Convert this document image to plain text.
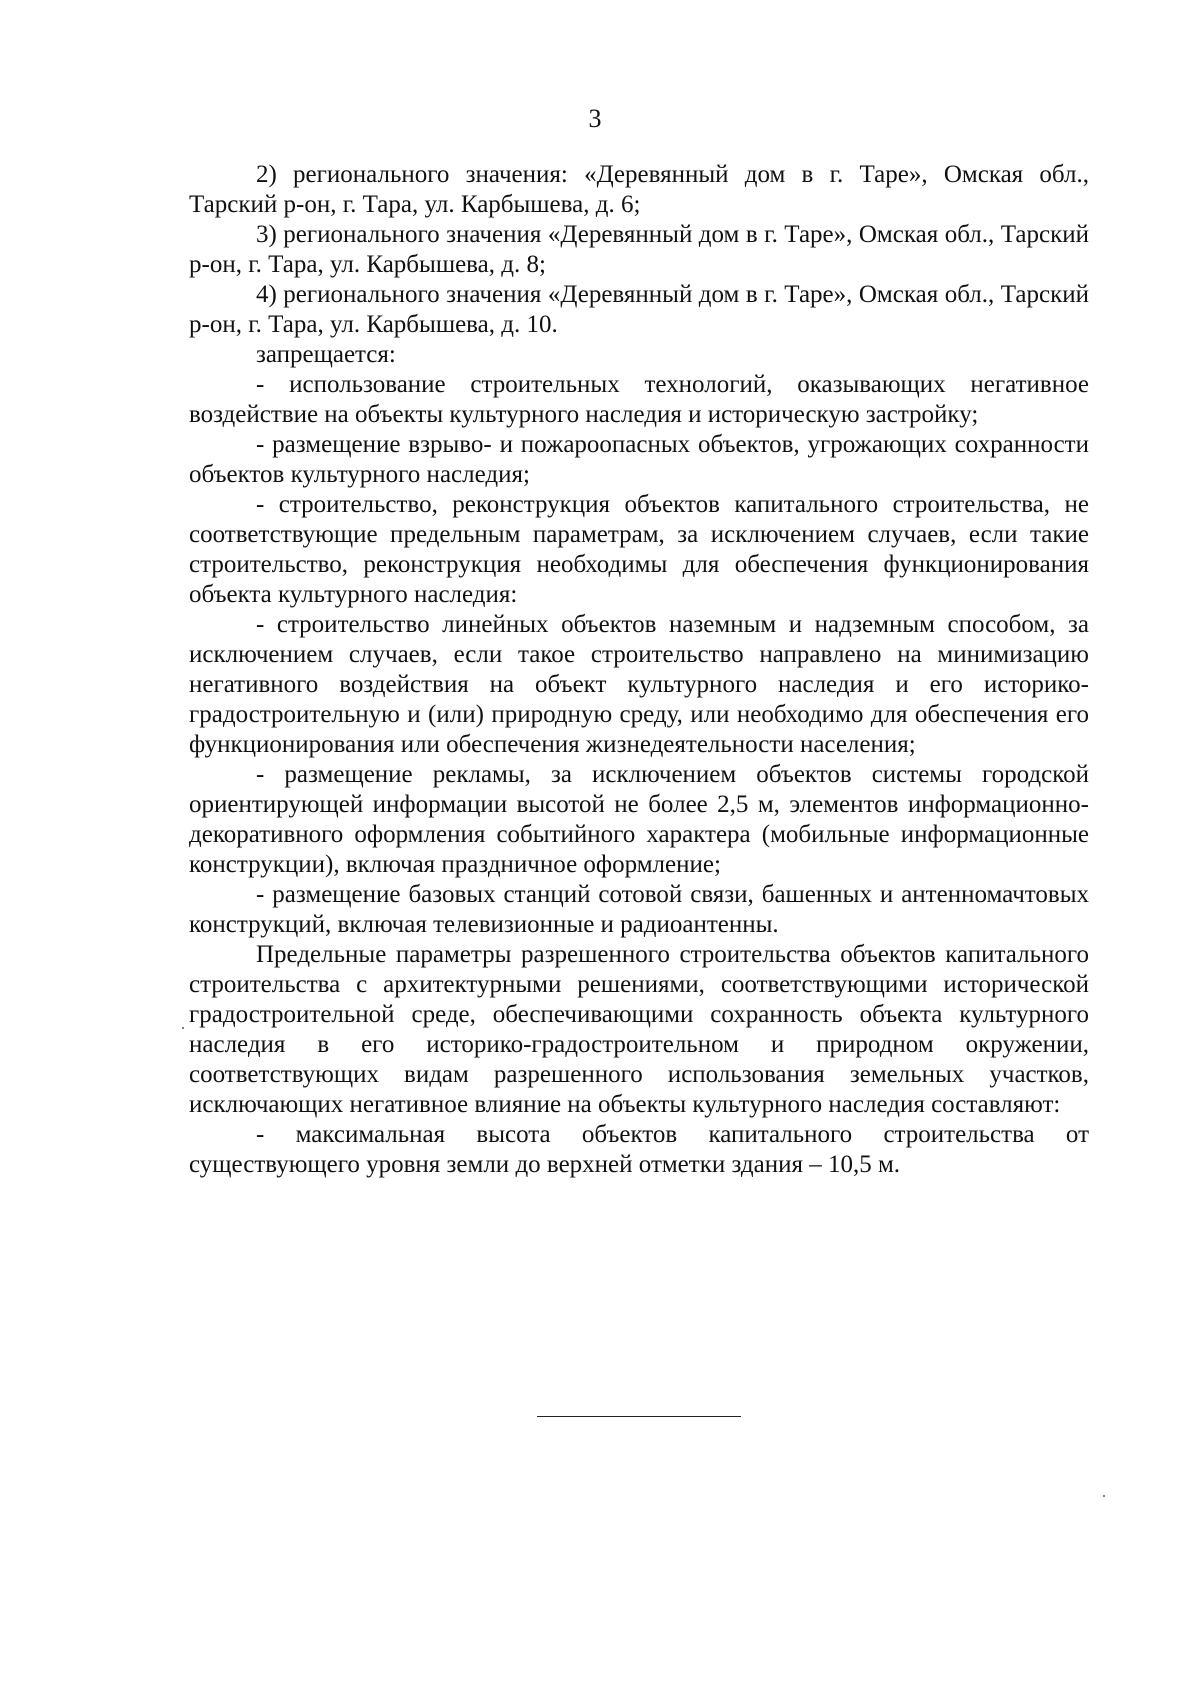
3

2) регионального значения: «Деревянный дом в г. Таре», Омская обл., Тарский р-он, г. Тара, ул. Карбышева, д. 6;

3) регионального значения «Деревянный дом в г. Таре», Омская обл., Тарский р-он, г. Тара, ул. Карбышева, д. 8;

4) регионального значения «Деревянный дом в г. Таре», Омская обл., Тарский р-он, г. Тара, ул. Карбышева, д. 10.

запрещается:

- использование строительных технологий, оказывающих негативное воздействие на объекты культурного наследия и историческую застройку;

- размещение взрыво- и пожароопасных объектов, угрожающих сохранности объектов культурного наследия;

- строительство, реконструкция объектов капитального строительства, не соответствующие предельным параметрам, за исключением случаев, если такие строительство, реконструкция необходимы для обеспечения функционирования объекта культурного наследия:

- строительство линейных объектов наземным и надземным способом, за исключением случаев, если такое строительство направлено на минимизацию негативного воздействия на объект культурного наследия и его историко-градостроительную и (или) природную среду, или необходимо для обеспечения его функционирования или обеспечения жизнедеятельности населения;

- размещение рекламы, за исключением объектов системы городской ориентирующей информации высотой не более 2,5 м, элементов информационно-декоративного оформления событийного характера (мобильные информационные конструкции), включая праздничное оформление;

- размещение базовых станций сотовой связи, башенных и антенномачтовых конструкций, включая телевизионные и радиоантенны.

Предельные параметры разрешенного строительства объектов капитального строительства с архитектурными решениями, соответствующими исторической градостроительной среде, обеспечивающими сохранность объекта культурного наследия в его историко-градостроительном и природном окружении, соответствующих видам разрешенного использования земельных участков, исключающих негативное влияние на объекты культурного наследия составляют:

- максимальная высота объектов капитального строительства от существующего уровня земли до верхней отметки здания – 10,5 м.
